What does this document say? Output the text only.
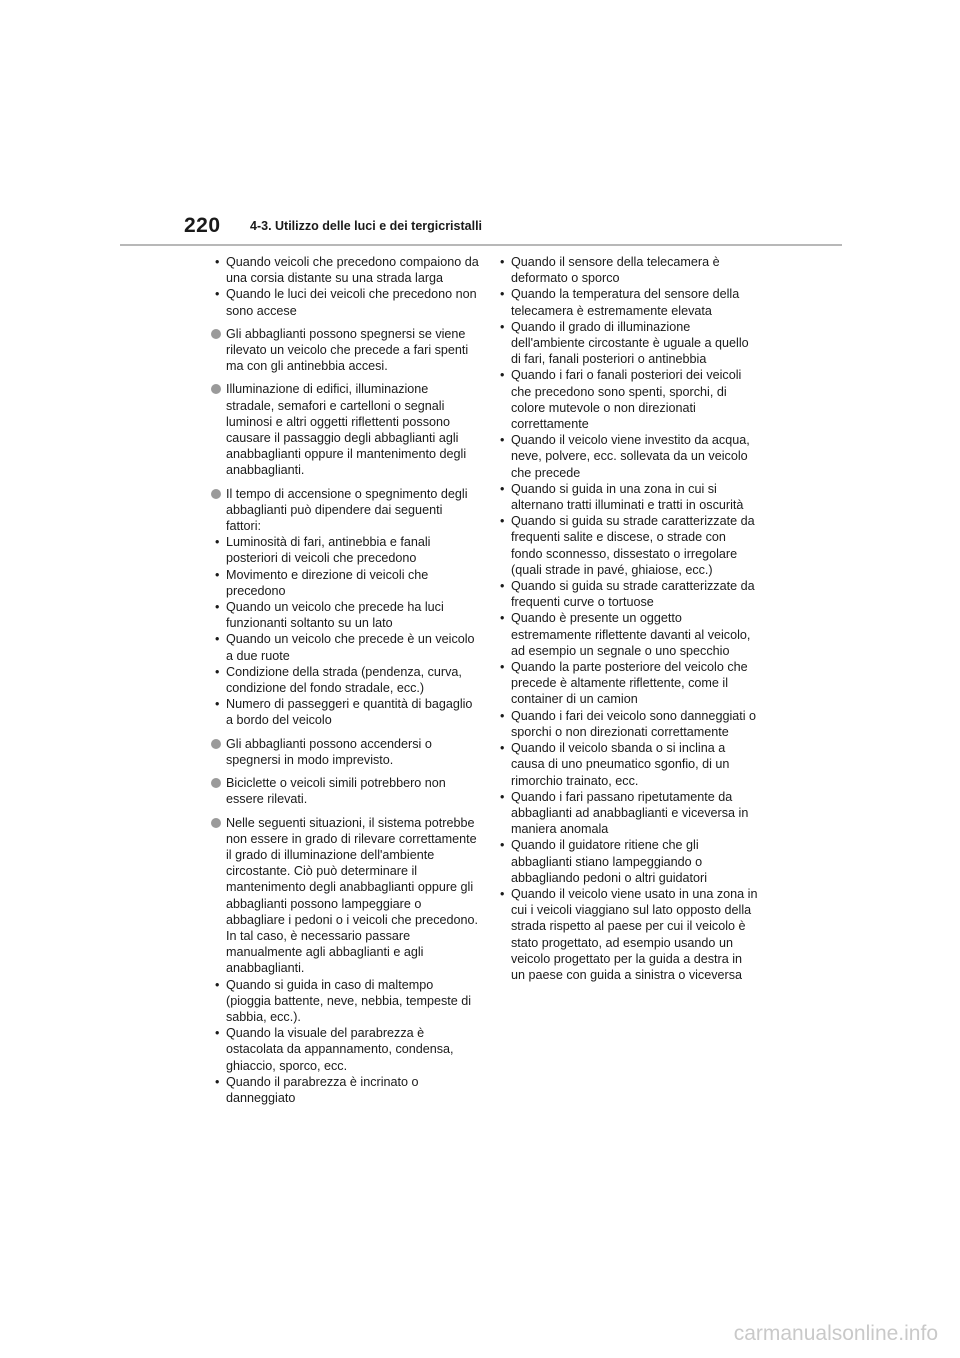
220 4-3. Utilizzo delle luci e dei tergicristalli
• Quando veicoli che precedono compaiono da una corsia distante su una strada larga
• Quando le luci dei veicoli che precedono non sono accese
Gli abbaglianti possono spegnersi se viene rilevato un veicolo che precede a fari spenti ma con gli antinebbia accesi.
Illuminazione di edifici, illuminazione stradale, semafori e cartelloni o segnali luminosi e altri oggetti riflettenti possono causare il passaggio degli abbaglianti agli anabbaglianti oppure il mantenimento degli anabbaglianti.
Il tempo di accensione o spegnimento degli abbaglianti può dipendere dai seguenti fattori:
• Luminosità di fari, antinebbia e fanali posteriori di veicoli che precedono
• Movimento e direzione di veicoli che precedono
• Quando un veicolo che precede ha luci funzionanti soltanto su un lato
• Quando un veicolo che precede è un veicolo a due ruote
• Condizione della strada (pendenza, curva, condizione del fondo stradale, ecc.)
• Numero di passeggeri e quantità di bagaglio a bordo del veicolo
Gli abbaglianti possono accendersi o spegnersi in modo imprevisto.
Biciclette o veicoli simili potrebbero non essere rilevati.
Nelle seguenti situazioni, il sistema potrebbe non essere in grado di rilevare correttamente il grado di illuminazione dell'ambiente circostante. Ciò può determinare il mantenimento degli anabbaglianti oppure gli abbaglianti possono lampeggiare o abbagliare i pedoni o i veicoli che precedono. In tal caso, è necessario passare manualmente agli abbaglianti e agli anabbaglianti.
• Quando si guida in caso di maltempo (pioggia battente, neve, nebbia, tempeste di sabbia, ecc.).
• Quando la visuale del parabrezza è ostacolata da appannamento, condensa, ghiaccio, sporco, ecc.
• Quando il parabrezza è incrinato o danneggiato
• Quando il sensore della telecamera è deformato o sporco
• Quando la temperatura del sensore della telecamera è estremamente elevata
• Quando il grado di illuminazione dell'ambiente circostante è uguale a quello di fari, fanali posteriori o antinebbia
• Quando i fari o fanali posteriori dei veicoli che precedono sono spenti, sporchi, di colore mutevole o non direzionati correttamente
• Quando il veicolo viene investito da acqua, neve, polvere, ecc. sollevata da un veicolo che precede
• Quando si guida in una zona in cui si alternano tratti illuminati e tratti in oscurità
• Quando si guida su strade caratterizzate da frequenti salite e discese, o strade con fondo sconnesso, dissestato o irregolare (quali strade in pavé, ghiaiose, ecc.)
• Quando si guida su strade caratterizzate da frequenti curve o tortuose
• Quando è presente un oggetto estremamente riflettente davanti al veicolo, ad esempio un segnale o uno specchio
• Quando la parte posteriore del veicolo che precede è altamente riflettente, come il container di un camion
• Quando i fari dei veicolo sono danneggiati o sporchi o non direzionati correttamente
• Quando il veicolo sbanda o si inclina a causa di uno pneumatico sgonfio, di un rimorchio trainato, ecc.
• Quando i fari passano ripetutamente da abbaglianti ad anabbaglianti e viceversa in maniera anomala
• Quando il guidatore ritiene che gli abbaglianti stiano lampeggiando o abbagliando pedoni o altri guidatori
• Quando il veicolo viene usato in una zona in cui i veicoli viaggiano sul lato opposto della strada rispetto al paese per cui il veicolo è stato progettato, ad esempio usando un veicolo progettato per la guida a destra in un paese con guida a sinistra o viceversa
carmanualsonline.info
